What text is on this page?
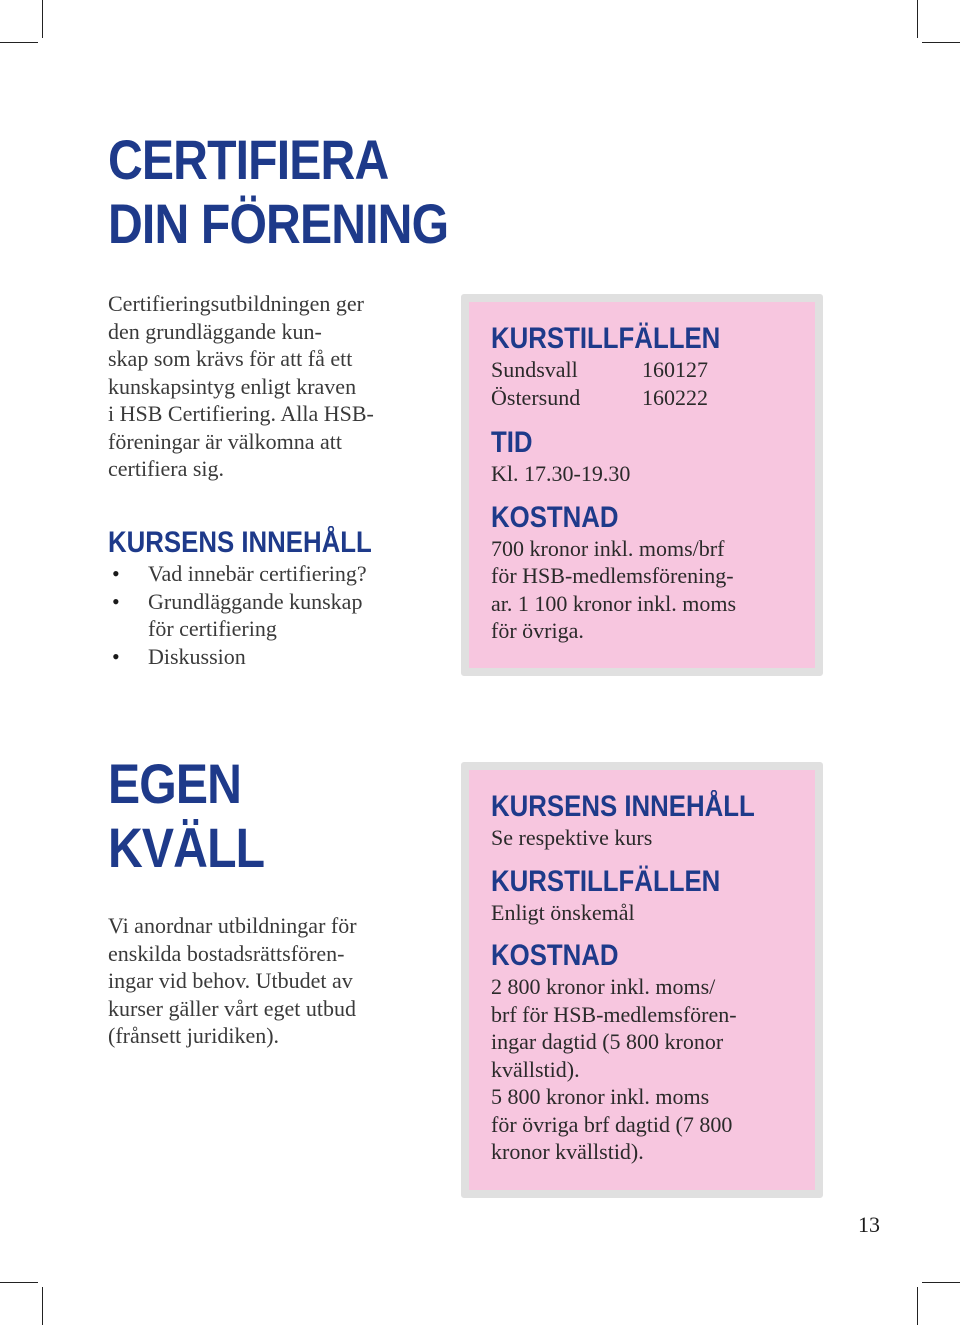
CERTIFIERA
DIN FÖRENING
Certifieringsutbildningen ger
den grundläggande kun-
skap som krävs för att få ett
kunskapsintyg enligt kraven
i HSB Certifiering. Alla HSB-
föreningar är välkomna att
certifiera sig.
KURSENS INNEHÅLL
• Vad innebär certifiering?
• Grundläggande kunskap
för certifiering
• Diskussion
KURSTILLFÄLLEN
Sundsvall	160127
Östersund	160222
TID
Kl. 17.30-19.30
KOSTNAD
700 kronor inkl. moms/brf
för HSB-medlemsförening-
ar. 1 100 kronor inkl. moms
för övriga.
EGEN
KVÄLL
Vi anordnar utbildningar för
enskilda bostadsrättsfören-
ingar vid behov. Utbudet av
kurser gäller vårt eget utbud
(frånsett juridiken).
KURSENS INNEHÅLL
Se respektive kurs
KURSTILLFÄLLEN
Enligt önskemål
KOSTNAD
2 800 kronor inkl. moms/
brf för HSB-medlemsfören-
ingar dagtid (5 800 kronor
kvällstid).
5 800 kronor inkl. moms
för övriga brf dagtid (7 800
kronor kvällstid).
13
